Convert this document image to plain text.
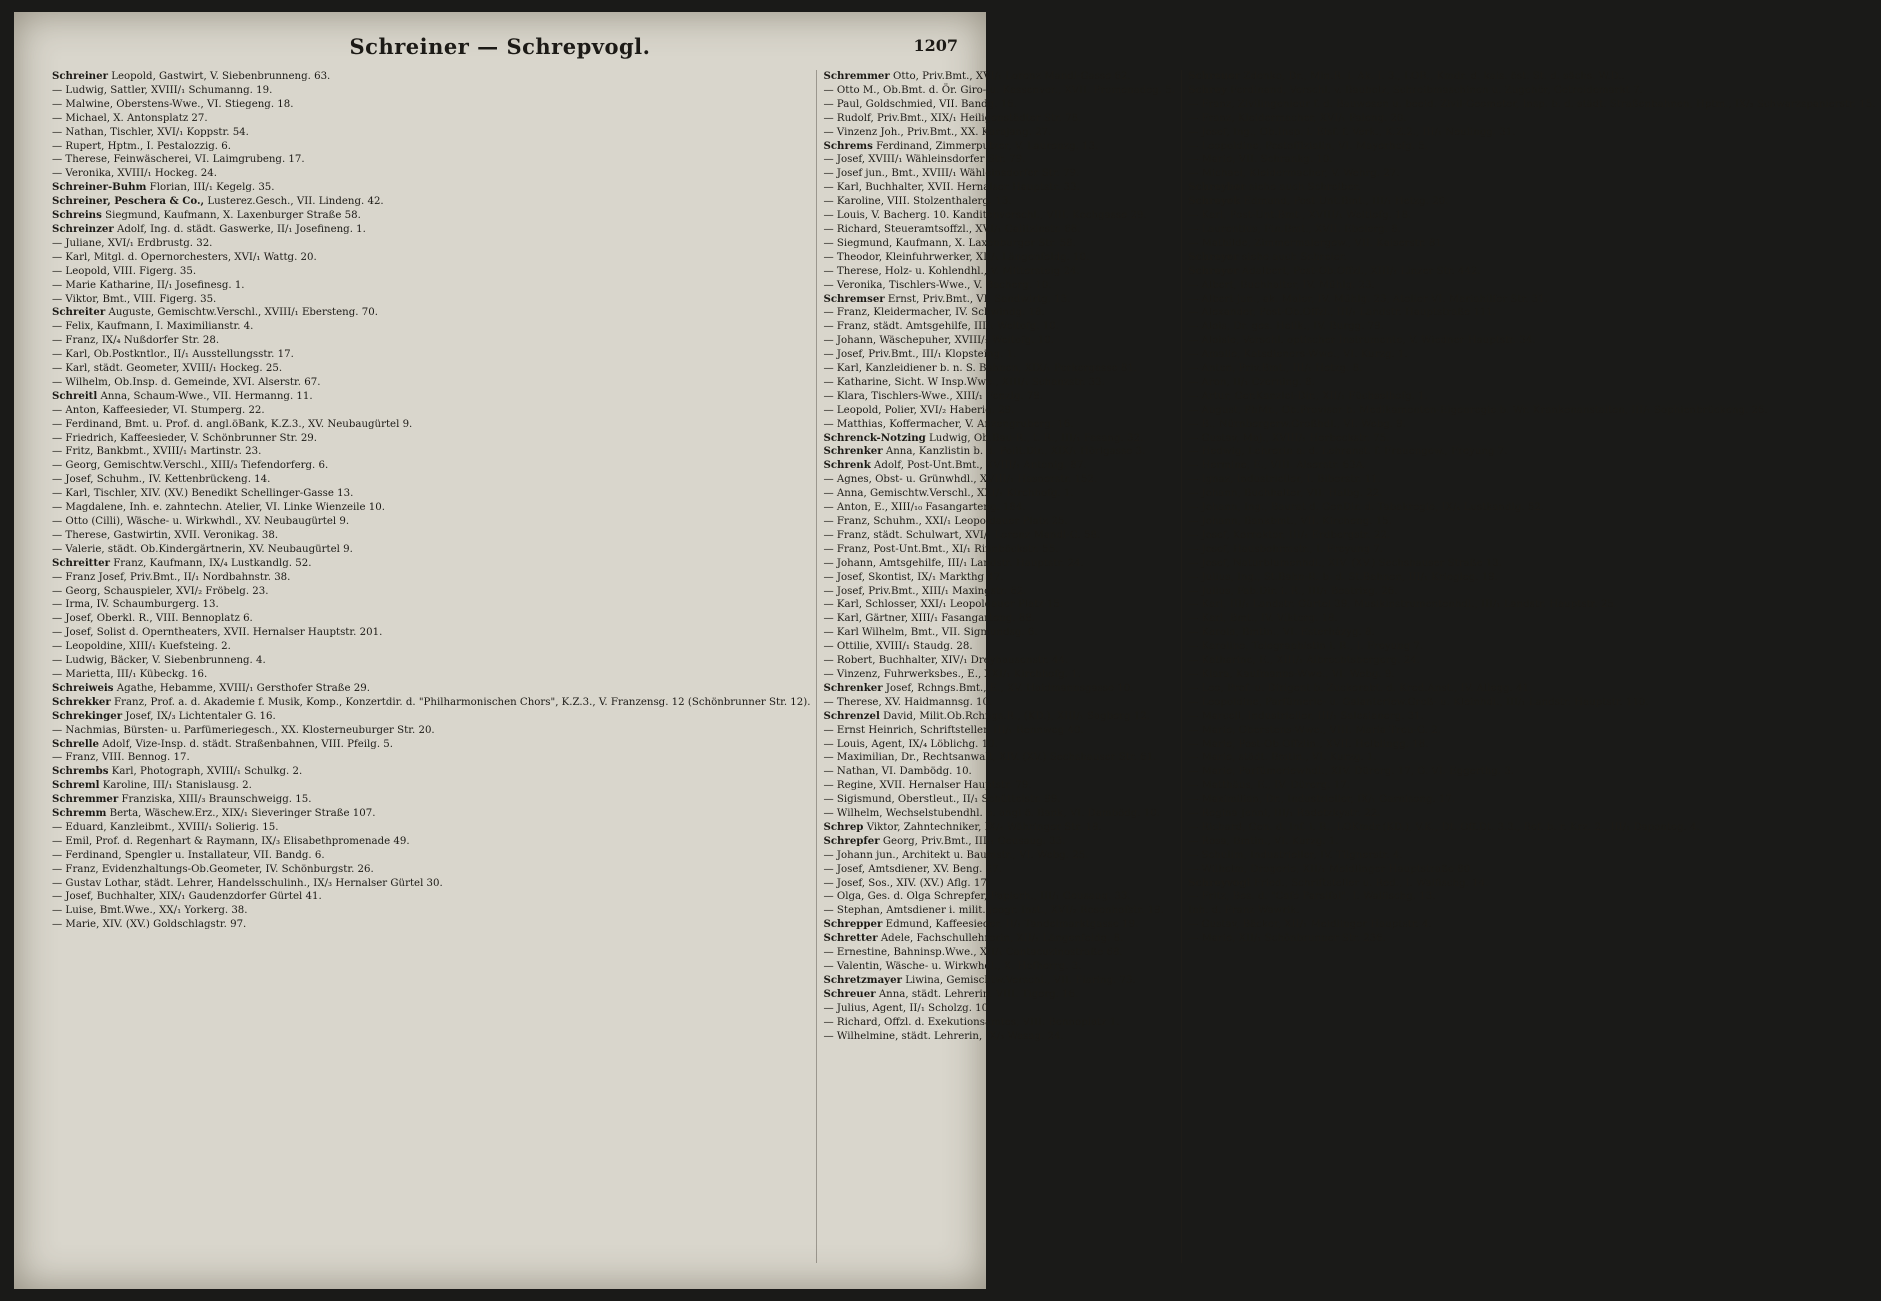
Schreiner — Schrepvogl.	1207
Schreiner Leopold, Gastwirt, V. Siebenbrunneng. 63.
— Ludwig, Sattler, XVIII/₁ Schumanng. 19.
— Malwine, Oberstens-Wwe., VI. Stiegeng. 18.
— Michael, X. Antonsplatz 27.
— Nathan, Tischler, XVI/₁ Koppstr. 54.
— Rupert, Hptm., I. Pestalozzig. 6.
— Therese, Feinwäscherei, VI. Laimgrubeng. 17.
— Veronika, XVIII/₁ Hockeg. 24.
Schreiner-Buhm Florian, III/₁ Kegelg. 35.
Schreiner, Peschera & Co., Lusterez.Gesch., VII. Lindeng. 42.
Schreins Siegmund, Kaufmann, X. Laxenburger Straße 58.
Schreinzer Adolf, Ing. d. städt. Gaswerke, II/₁ Josefineng. 1.
— Juliane, XVI/₁ Erdbrustg. 32.
— Karl, Mitgl. d. Opernorchesters, XVI/₁ Wattg. 20.
— Leopold, VIII. Figerg. 35.
— Marie Katharine, II/₁ Josefinesg. 1.
— Viktor, Bmt., VIII. Figerg. 35.
Schreiter Auguste, Gemischtw.Verschl., XVIII/₁ Ebersteng. 70.
— Felix, Kaufmann, I. Maximilianstr. 4.
— Franz, IX/₄ Nußdorfer Str. 28.
— Karl, Ob.Postkntlor., II/₁ Ausstellungsstr. 17.
— Karl, städt. Geometer, XVIII/₁ Hockeg. 25.
— Wilhelm, Ob.Insp. d. Gemeinde, XVI. Alserstr. 67.
Schreitl Anna, Schaum-Wwe., VII. Hermanng. 11.
— Anton, Kaffeesieder, VI. Stumperg. 22.
— Ferdinand, Bmt. u. Prof. d. angl.öBank, K.Z.3., XV. Neubaugürtel 9.
— Friedrich, Kaffeesieder, V. Schönbrunner Str. 29.
— Fritz, Bankbmt., XVIII/₁ Martinstr. 23.
— Georg, Gemischtw.Verschl., XIII/₃ Tiefendorferg. 6.
— Josef, Schuhm., IV. Kettenbrückeng. 14.
— Karl, Tischler, XIV. (XV.) Benedikt Schellinger-Gasse 13.
— Magdalene, Inh. e. zahntechn. Atelier, VI. Linke Wienzeile 10.
— Otto (Cilli), Wäsche- u. Wirkwhdl., XV. Neubaugürtel 9.
— Therese, Gastwirtin, XVII. Veronikag. 38.
— Valerie, städt. Ob.Kindergärtnerin, XV. Neubaugürtel 9.
Schreitter Franz, Kaufmann, IX/₄ Lustkandlg. 52.
— Franz Josef, Priv.Bmt., II/₁ Nordbahnstr. 38.
— Georg, Schauspieler, XVI/₂ Fröbelg. 23.
— Irma, IV. Schaumburgerg. 13.
— Josef, Oberkl. R., VIII. Bennoplatz 6.
— Josef, Solist d. Operntheaters, XVII. Hernalser Hauptstr. 201.
— Leopoldine, XIII/₁ Kuefsteing. 2.
— Ludwig, Bäcker, V. Siebenbrunneng. 4.
— Marietta, III/₁ Kübeckg. 16.
Schreiweis Agathe, Hebamme, XVIII/₁ Gersthofer Straße 29.
Schrekker Franz, Prof. a. d. Akademie f. Musik, Komp., Konzertdir. d. "Philharmonischen Chors", K.Z.3., V. Franzensg. 12 (Schönbrunner Str. 12).
Schrekinger Josef, IX/₃ Lichtentaler G. 16.
— Nachmias, Bürsten- u. Parfümeriegesch., XX. Klosterneuburger Str. 20.
Schrelle Adolf, Vize-Insp. d. städt. Straßenbahnen, VIII. Pfeilg. 5.
— Franz, VIII. Bennog. 17.
Schrembs Karl, Photograph, XVIII/₁ Schulkg. 2.
Schreml Karoline, III/₁ Stanislausg. 2.
Schremmer Franziska, XIII/₃ Braunschweigg. 15.
Schremm Berta, Wäschew.Erz., XIX/₁ Sieveringer Straße 107.
— Eduard, Kanzleibmt., XVIII/₁ Solierig. 15.
— Emil, Prof. d. Regenhart & Raymann, IX/₃ Elisabethpromenade 49.
— Ferdinand, Spengler u. Installateur, VII. Bandg. 6.
— Franz, Evidenzhaltungs-Ob.Geometer, IV. Schönburgstr. 26.
— Gustav Lothar, städt. Lehrer, Handelsschulinh., IX/₃ Hernalser Gürtel 30.
— Josef, Buchhalter, XIX/₁ Gaudenzdorfer Gürtel 41.
— Luise, Bmt.Wwe., XX/₁ Yorkerg. 38.
— Marie, XIV. (XV.) Goldschlagstr. 97.
Schremmer Otto, Priv.Bmt., XVI/₁ Lorenz Mandl-Gasse 62.
— Otto M., Ob.Bmt. d. Ör. Giro- u. Kassenver., XVII. Promenadeg. 5.
— Paul, Goldschmied, VII. Bandg. 16.
— Rudolf, Priv.Bmt., XIX/₁ Heiligenstädter Str. 78.
— Vinzenz Joh., Priv.Bmt., XX. Karajang. 27.
Schrems Ferdinand, Zimmerputzer, V. Laurenzg. 13.
— Josef, XVIII/₁ Wähleinsdorfer Str. 79.
— Josef jun., Bmt., XVIII/₁ Wähleinsdorfer Str. 79.
— Karl, Buchhalter, XVII. Hernalser Hauptstr. 33.
— Karoline, VIII. Stolzenthalerg. 13.
— Louis, V. Bacherg. 10. Kanditenverschl., VIII. Kochgasse 29.
— Richard, Steueramtsoffzl., XVI/₁ Galitzinstr. 68.
— Siegmund, Kaufmann, X. Laxenburger Str. 58.
— Theodor, Kleinfuhrwerker, XII/₁ Längenfeldg. 10.
— Therese, Holz- u. Kohlendhl., V. Mittersteig 24.
— Veronika, Tischlers-Wwe., V. Bacherg. 10.
Schremser Ernst, Priv.Bmt., VI. Sandwirtg. 13.
— Franz, Kleidermacher, IV. Schwindg. 18.
— Franz, städt. Amtsgehilfe, III/₁ Weitofg. 10.
— Johann, Wäschepuher, XVIII/₁ Weitofg. 10.
— Josef, Priv.Bmt., III/₁ Klopsteing. 1.
— Karl, Kanzleidiener b. n. S. Bahnen, XIX/₁ Porkergasse 81.
— Katharine, Sicht. W Insp.Wwe., XIII/₁ Schanzstr. 33.
— Klara, Tischlers-Wwe., XIII/₁ Fenzlg. 78.
— Leopold, Polier, XVI/₂ Haberig. 29.
— Matthias, Koffermacher, V. Anzengruberg. 16.
Schrenck-Notzing Ludwig, Ob.Bau-R., t. R., III/₁ Fasang. 32.
Schrenker Anna, Kanzlistin b. d. Polit.Dir., XIX/₁ Hörlgasse 3.
Schrenk Adolf, Post-Unt.Bmt., XVIII/₁ Antonig. 87.
— Agnes, Obst- u. Grünwhdl., XVIII/₁ Hasnerstr. 152.
— Anna, Gemischtw.Verschl., XXI/₁ Kirchhofg. 1.
— Anton, E., XIII/₁₀ Fasangarteng. 184.
— Franz, Schuhm., XXI/₁ Leopoldauer Platz 25.
— Franz, städt. Schulwart, XVI/₁ Lorenz Mandl-G. 58.
— Franz, Post-Unt.Bmt., XI/₁ Rinnböckstr. 55.
— Johann, Amtsgehilfe, III/₁ Landstr. Hauptstr. 24.
— Josef, Skontist, IX/₁ Markthg 47.
— Josef, Priv.Bmt., XIII/₁ Maxingstr. 62.
— Karl, Schlosser, XXI/₁ Leopoldauer Platz 15.
— Karl, Gärtner, XIII/₁ Fasangarteng. 88.
— Karl Wilhelm, Bmt., VII. Sigmundsg. 6.
— Ottilie, XVIII/₁ Staudg. 28.
— Robert, Buchhalter, XIV/₁ Dreyhausenstr. 44.
— Vinzenz, Fuhrwerksbes., E., XXI/₁ Kirchhofg. 1.
Schrenker Josef, Rchngs.Bmt., E., XV. Haidmannsgasse 10.
— Therese, XV. Haidmannsg. 10.
Schrenzel David, Milit.Ob.Rchngs.R., (KD.), XIII/₁ Sagberg 12.
— Ernst Heinrich, Schriftsteller, III/₁ Rennweg 40.
— Louis, Agent, IX/₄ Löblichg. 10.
— Maximilian, Dr., Rechtsanwalt, XIV. (XV.) Sechshauser Str. 61.
— Nathan, VI. Dambödg. 10.
— Regine, XVII. Hernalser Hauptstr. 79.
— Sigismund, Oberstleut., II/₁ Schüttelstr. 99.
— Wilhelm, Wechselstubendhl. b. angl ö. Bank, VI. Dambödg. 10.
Schrep Viktor, Zahntechniker, IX/₄ Währinger Str. 18.
Schrepfer Georg, Priv.Bmt., III/₁ Geusaug. 33.
— Johann jun., Architekt u. Baumstr., VI. Webg. 25.
— Josef, Amtsdiener, XV. Beng. 27.
— Josef, Sos., XIV. (XV.) Aflg. 17.
— Olga, Ges. d. Olga Schrepfer, Papierh., III/₁ Geusaug. 33.
— Stephan, Amtsdiener i. milit.geogr. Inst., XVI/₂ Rosenhofstr. 19.
Schrepper Edmund, Kaffeesieder, II/₁ Tandelmarktgasse 19.
Schretter Adele, Fachschullehrerin, XII/₁ Längenfeldg. 8.
— Ernestine, Bahninsp.Wwe., XII/₁ Cantacuzinostraße 68.
— Valentin, Wäsche- u. Wirkwhdl., X. Hofherrg. 3.
Schretzmayer Liwina, Gemischtw.Verschl., VII. Fiaring. 73.
Schreuer Anna, städt. Lehrerin, VIII. Tigerg. 16.
— Julius, Agent, II/₁ Scholzg. 10.
— Richard, Offzl. d. Exekutionsamtes, VIII. Bennoplatz 1.
— Wilhelmine, städt. Lehrerin, IX/₃ Wasag. 24.
Schreuer Zdenko, Dr., Min.R. i. Ak. I. 3., LOR., Kmdr. d. kais. öst. St. d. sächs. W.D..
Schrey Ferdinand, Verschl. v. Bauholz, Schreibmaschinen u. Zugehör, Getreidemarkt 7.
— Franz, Zivilingenieur f. d. Bauwesen u. beeid. Zivil-Geometer, Insp. b. d. städt. Straßenbahnen, Hptm., IX/₃ Schwarzspanierstr. 15.
— Franz, Kleidermacher, XVI/₁ Paleng. 20.
— Josef, Ing., Ob.Insp. i. Eisf. f. Verk., K.Z.2., III/₁ Neulingg. 31.
— Leopoldine, Postoffizialin, VI. Mayerhofg. 5.
— Marie, VII. Schrankg. 10.
— Michael, Kleidermacher, V. Wehrg. 27.
Schreyber siehe auch Schreiber.
Schreyek Edmund, Post Unt.Bmt., III/₁ Hetzg. 20.
— Karl, Post-Unt.Bmt., XVIII/₁ Weitlofg. 18.
— Laurentius, Fin.Bmt., XVII. Ebelerg. 8.
— Mathilde, Zimmermalergew., VII. Kaiserstr. 81.
Schreyer siehe auch Schreier.
Schreyer Adalbert, Post-Ob.Offzl., XIII/₁ Linzer Str. 442.
— Albert, Buchhalter, IV. Mühlg. 23.
— Albert jun., ak. Maler, IV. Mühlg. 23, Atelier VI. Mariahilfer Str. 31.
— Alexander, Post-Ob.Offzl., III/₁ Landstr. Hauptstraße 111.
— Alois, Dr. ges. Heilk., IV. Burgg. 79.
— Aloisie, Verschl. optischer Instrumente, V. Wiedner Hauptstr. 34.
— Amalie, Katsdieners-Wwe., VI. Kurzg. 1.
— Anton, Priv.Bmt., III/₁ Hetzg. 8.
— Aron, II/₁ Czerning. 8.
— Artur, Ger.Kanzlei-Dir., XII/₁ Füchselhofg. 1.
— August, PhMr., Ob.Provisor b. Medikamenten-Eigenregie b. Wr. Krankenanstalten, III/₁ Sophienbrückeng. 26.
— B., Nürnbergerw.Großhdl., VI. Webg. 9.
— Gustav, Maj., XVIII/₁ Herbeckstr. 75.
— Hedwig, Lehrerin a. d. Lehranst. f. Frauengew., Freyung 7.
— Hermine, E., VIII. Alserstr. 63A.
— Ignaz, Industrieller, I. Biberstr. 11.
— Johann, Buchhalter, VII. Halbg. 22.
— Johann, Ing., Baurat d. GenDir. d. Tabakregie, IX/₄ Lustkandlg. 52.
— Johann, Bankbmt., VII. Kircheng. 15.
— Josef, Korrektor, III/₁ Erdbergstr. 22.
— Josef, Hausbohrmstr., I. Freyung 7.
— Josef, Naturblumenhdl., XIV. (XV.) Sechshauser Straße 13.
— Julius, Ing., St.Bahn-R. b. d. St.Bahnen, III/₁ Kriegleg. 19.
— Julius, Fab.Dir. i. R., III/₁ Beatrixg. 26.
— Karl, III/₁ Landstr. Gürtel 39, Musikinstrumentenhdl., III/₁ Landstr. Hauptstr. 25.
— Karl, Bmt., IV. Viktorg. 18.
— Karola, Bmtin., VI. Esterházyg. 8.
— Karoline, Telegraphistin i. R., I. Freyung 7.
— Katharine, E., XIII/₁ Albrechtsbergerg. 24.
— Klara, Kaufmanns-Wwe., VI. Webg. 9.
— Leo, Prof. u. Dirigent b. Zuckerabt. d. Kred.Anst., IV. Allegg. 41.
— Leopoldine, Parfümerie- u. Galanteriew.Groß- u. Kleinhdl., III/₁ Landstr. Hauptstr. 110.
— Marcell, Industrieller, III/₁ Salesianerg. 31.
— Marie, Oberstens-Wwe., VIII. Maria Treu-G. 2.
— Marie, Post-Ob.Offzlin., XVII. Helblingg. 18.
— Marie, städt. Bmtin., VI. Kurzg. 1.
— Marie, Parfümeriewhdl., XIV. Dürerg. 17, G. VI. Eggerthg. 3.
— Matthäus, E., IV. Dürerg. 17.
— Maximilian, Dr., Industrieller, IX/₁ Garnisong. 17.
— Regina Jenni, III/₁ Radetzkystr. 22.
— Richard, Gen. d. Inf. i. R., LOKmdr.(KD.), V.K., Dt. Off.Dt. 3.3., Bef. b. r. Krz. 2., III/₁ Daponteg. 4.
— Rosa, Bmtin., VI. Kurzg. 1.
— Schulim, Industrieller, IV. Tilgnerstr. 4.
— Wilhelm, Drogerie, XII/₁ Meidlinger Hauptstraße 80.
Schreyvogl Fried., Schriftsteller u. Red., I. Walfischg. 14.
— Fritz, Bes. d. "Café Parsifal", I. Walfischg. 13.
Inh. d. Franz Wawrik.
— Gustav, Bäcker, XII/₁ Meidlinger Hauptstr. 4.
— Marie, XII/₁ Schönbrunner Str. 236.
